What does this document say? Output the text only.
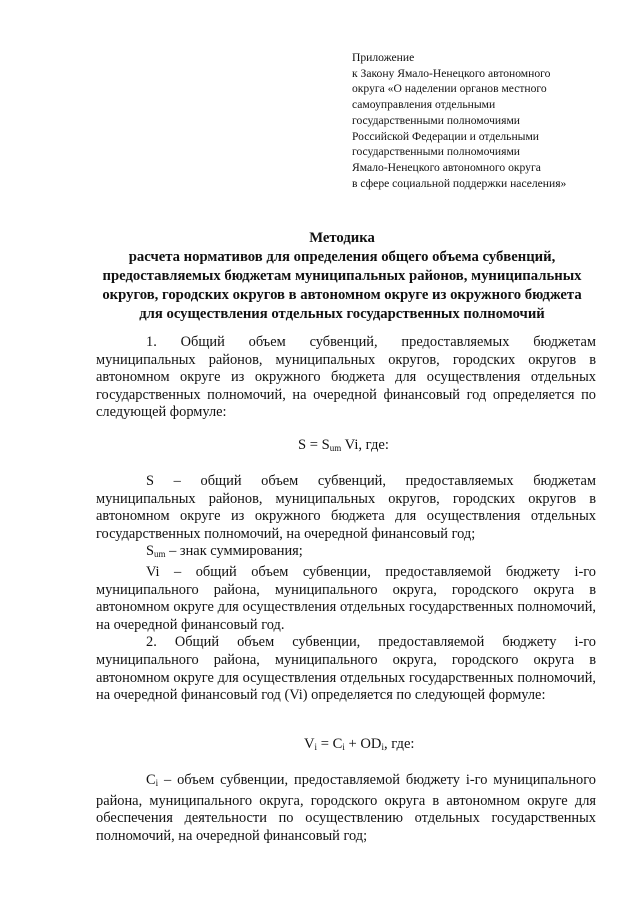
Приложение
к Закону Ямало-Ненецкого автономного
округа «О наделении органов местного
самоуправления отдельными
государственными полномочиями
Российской Федерации и отдельными
государственными полномочиями
Ямало-Ненецкого автономного округа
в сфере социальной поддержки населения»
Методика
расчета нормативов для определения общего объема субвенций,
предоставляемых бюджетам муниципальных районов, муниципальных
округов, городских округов в автономном округе из окружного бюджета
для осуществления отдельных государственных полномочий

1. Общий объем субвенций, предоставляемых бюджетам муниципальных районов, муниципальных округов, городских округов в автономном округе из окружного бюджета для осуществления отдельных государственных полномочий, на очередной финансовый год определяется по следующей формуле:

$S = S_{um}$ Vi, где:

S – общий объем субвенций, предоставляемых бюджетам муниципальных районов, муниципальных округов, городских округов в автономном округе из окружного бюджета для осуществления отдельных государственных полномочий, на очередной финансовый год;

$S_{um}$ – знак суммирования;

Vi – общий объем субвенции, предоставляемой бюджету i-го муниципального района, муниципального округа, городского округа в автономном округе для осуществления отдельных государственных полномочий, на очередной финансовый год.

2. Общий объем субвенции, предоставляемой бюджету i-го муниципального района, муниципального округа, городского округа в автономном округе для осуществления отдельных государственных полномочий, на очередной финансовый год (Vi) определяется по следующей формуле:

$V_i = C_i + OD_i$, где:

$C_i$ – объем субвенции, предоставляемой бюджету i-го муниципального района, муниципального округа, городского округа в автономном округе для обеспечения деятельности по осуществлению отдельных государственных полномочий, на очередной финансовый год;
